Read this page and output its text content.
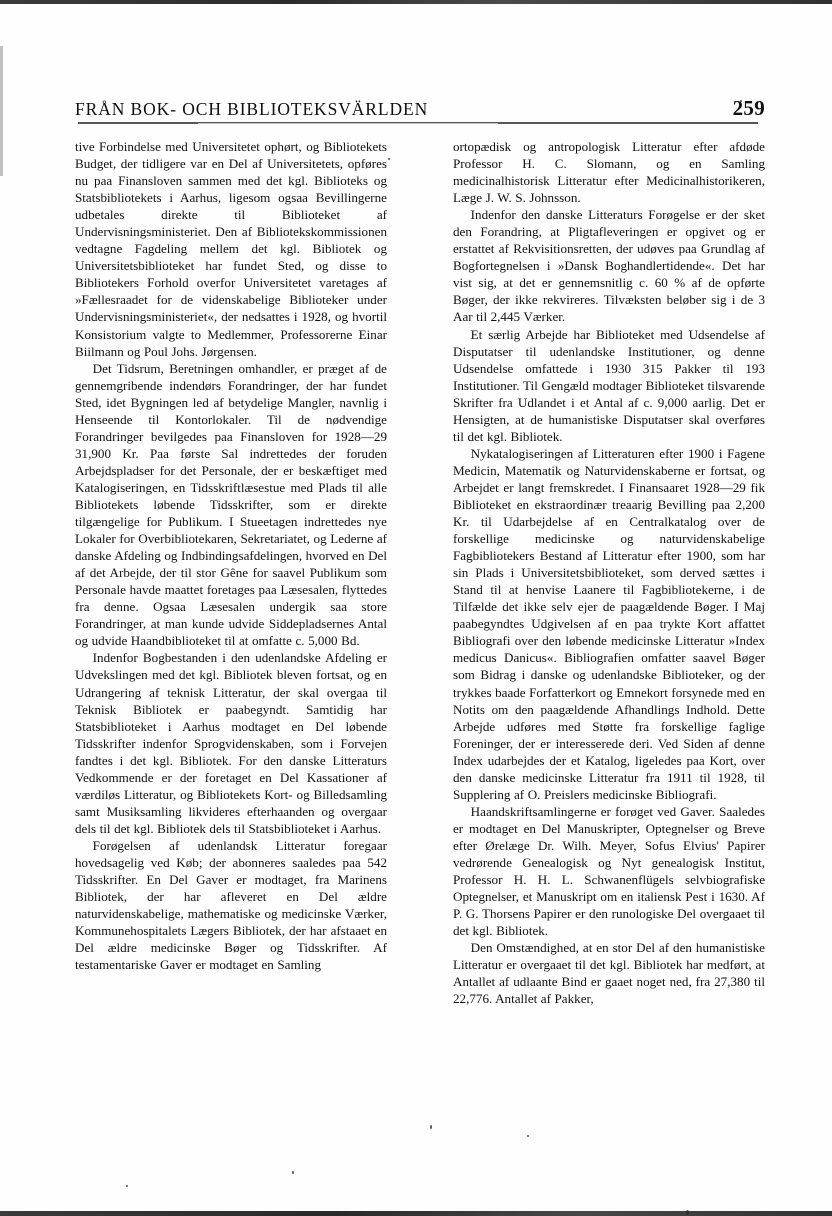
FRÅN BOK- OCH BIBLIOTEKSVÄRLDEN	259

tive Forbindelse med Universitetet ophørt, og Bibliotekets Budget, der tidligere var en Del af Universitetets, opføres nu paa Finansloven sammen med det kgl. Biblioteks og Statsbibliotekets i Aarhus, ligesom ogsaa Bevillingerne udbetales direkte til Biblioteket af Undervisningsministeriet. Den af Bibliotekskommissionen vedtagne Fagdeling mellem det kgl. Bibliotek og Universitetsbiblioteket har fundet Sted, og disse to Bibliotekers Forhold overfor Universitetet varetages af »Fællesraadet for de videnskabelige Biblioteker under Undervisningsministeriet«, der nedsattes i 1928, og hvortil Konsistorium valgte to Medlemmer, Professorerne Einar Biilmann og Poul Johs. Jørgensen.

Det Tidsrum, Beretningen omhandler, er præget af de gennemgribende indendørs Forandringer, der har fundet Sted, idet Bygningen led af betydelige Mangler, navnlig i Henseende til Kontorlokaler. Til de nødvendige Forandringer bevilgedes paa Finansloven for 1928—29 31,900 Kr. Paa første Sal indrettedes der foruden Arbejdspladser for det Personale, der er beskæftiget med Katalogiseringen, en Tidsskriftlæsestue med Plads til alle Bibliotekets løbende Tidsskrifter, som er direkte tilgængelige for Publikum. I Stueetagen indrettedes nye Lokaler for Overbibliotekaren, Sekretariatet, og Lederne af danske Afdeling og Indbindingsafdelingen, hvorved en Del af det Arbejde, der til stor Gêne for saavel Publikum som Personale havde maattet foretages paa Læsesalen, flyttedes fra denne. Ogsaa Læsesalen undergik saa store Forandringer, at man kunde udvide Siddepladsernes Antal og udvide Haandbiblioteket til at omfatte c. 5,000 Bd.

Indenfor Bogbestanden i den udenlandske Afdeling er Udvekslingen med det kgl. Bibliotek bleven fortsat, og en Udrangering af teknisk Litteratur, der skal overgaa til Teknisk Bibliotek er paabegyndt. Samtidig har Statsbiblioteket i Aarhus modtaget en Del løbende Tidsskrifter indenfor Sprogvidenskaben, som i Forvejen fandtes i det kgl. Bibliotek. For den danske Litteraturs Vedkommende er der foretaget en Del Kassationer af værdiløs Litteratur, og Bibliotekets Kort- og Billedsamling samt Musiksamling likvideres efterhaanden og overgaar dels til det kgl. Bibliotek dels til Statsbiblioteket i Aarhus.

Forøgelsen af udenlandsk Litteratur foregaar hovedsagelig ved Køb; der abonneres saaledes paa 542 Tidsskrifter. En Del Gaver er modtaget, fra Marinens Bibliotek, der har afleveret en Del ældre naturvidenskabelige, mathematiske og medicinske Værker, Kommunehospitalets Lægers Bibliotek, der har afstaaet en Del ældre medicinske Bøger og Tidsskrifter. Af testamentariske Gaver er modtaget en Samling

ortopædisk og antropologisk Litteratur efter afdøde Professor H. C. Slomann, og en Samling medicinalhistorisk Litteratur efter Medicinalhistorikeren, Læge J. W. S. Johnsson.

Indenfor den danske Litteraturs Forøgelse er der sket den Forandring, at Pligtafleveringen er opgivet og er erstattet af Rekvisitionsretten, der udøves paa Grundlag af Bogfortegnelsen i »Dansk Boghandlertidende«. Det har vist sig, at det er gennemsnitlig c. 60 % af de opførte Bøger, der ikke rekvireres. Tilvæksten beløber sig i de 3 Aar til 2,445 Værker.

Et særlig Arbejde har Biblioteket med Udsendelse af Disputatser til udenlandske Institutioner, og denne Udsendelse omfattede i 1930 315 Pakker til 193 Institutioner. Til Gengæld modtager Biblioteket tilsvarende Skrifter fra Udlandet i et Antal af c. 9,000 aarlig. Det er Hensigten, at de humanistiske Disputatser skal overføres til det kgl. Bibliotek.

Nykatalogiseringen af Litteraturen efter 1900 i Fagene Medicin, Matematik og Naturvidenskaberne er fortsat, og Arbejdet er langt fremskredet. I Finansaaret 1928—29 fik Biblioteket en ekstraordinær treaarig Bevilling paa 2,200 Kr. til Udarbejdelse af en Centralkatalog over de forskellige medicinske og naturvidenskabelige Fagbibliotekers Bestand af Litteratur efter 1900, som har sin Plads i Universitetsbiblioteket, som derved sættes i Stand til at henvise Laanere til Fagbibliotekerne, i de Tilfælde det ikke selv ejer de paagældende Bøger. I Maj paabegyndtes Udgivelsen af en paa trykte Kort affattet Bibliografi over den løbende medicinske Litteratur »Index medicus Danicus«. Bibliografien omfatter saavel Bøger som Bidrag i danske og udenlandske Biblioteker, og der trykkes baade Forfatterkort og Emnekort forsynede med en Notits om den paagældende Afhandlings Indhold. Dette Arbejde udføres med Støtte fra forskellige faglige Foreninger, der er interesserede deri. Ved Siden af denne Index udarbejdes der et Katalog, ligeledes paa Kort, over den danske medicinske Litteratur fra 1911 til 1928, til Supplering af O. Preislers medicinske Bibliografi.

Haandskriftsamlingerne er forøget ved Gaver. Saaledes er modtaget en Del Manuskripter, Optegnelser og Breve efter Ørelæge Dr. Wilh. Meyer, Sofus Elvius' Papirer vedrørende Genealogisk og Nyt genealogisk Institut, Professor H. H. L. Schwanenflügels selvbiografiske Optegnelser, et Manuskript om en italiensk Pest i 1630. Af P. G. Thorsens Papirer er den runologiske Del overgaaet til det kgl. Bibliotek.

Den Omstændighed, at en stor Del af den humanistiske Litteratur er overgaaet til det kgl. Bibliotek har medført, at Antallet af udlaante Bind er gaaet noget ned, fra 27,380 til 22,776. Antallet af Pakker,
